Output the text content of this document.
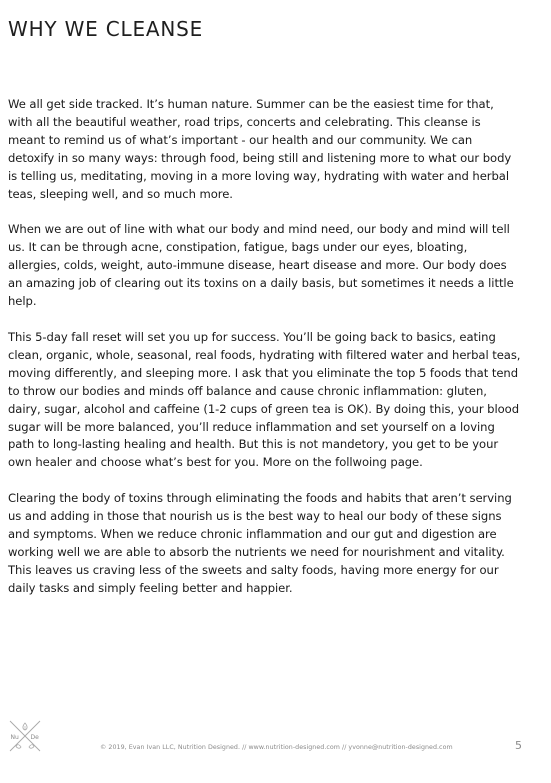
WHY WE CLEANSE

We all get side tracked. It’s human nature. Summer can be the easiest time for that, with all the beautiful weather, road trips, concerts and celebrating. This cleanse is meant to remind us of what’s important - our health and our community. We can detoxify in so many ways: through food, being still and listening more to what our body is telling us, meditating, moving in a more loving way, hydrating with water and herbal teas, sleeping well, and so much more.

When we are out of line with what our body and mind need, our body and mind will tell us. It can be through acne, constipation, fatigue, bags under our eyes, bloating, allergies, colds, weight, auto-immune disease, heart disease and more. Our body does an amazing job of clearing out its toxins on a daily basis, but sometimes it needs a little help.

This 5-day fall reset will set you up for success. You’ll be going back to basics, eating clean, organic, whole, seasonal, real foods, hydrating with filtered water and herbal teas, moving differently, and sleeping more. I ask that you eliminate the top 5 foods that tend to throw our bodies and minds off balance and cause chronic inflammation: gluten, dairy, sugar, alcohol and caffeine (1-2 cups of green tea is OK). By doing this, your blood sugar will be more balanced, you’ll reduce inflammation and set yourself on a loving path to long-lasting healing and health. But this is not mandetory, you get to be your own healer and choose what’s best for you. More on the follwoing page.

Clearing the body of toxins through eliminating the foods and habits that aren’t serving us and adding in those that nourish us is the best way to heal our body of these signs and symptoms. When we reduce chronic inflammation and our gut and digestion are working well we are able to absorb the nutrients we need for nourishment and vitality. This leaves us craving less of the sweets and salty foods, having more energy for our daily tasks and simply feeling better and happier.

Nu De
© 2019, Evan Ivan LLC, Nutrition Designed. // www.nutrition-designed.com // yvonne@nutrition-designed.com	5
